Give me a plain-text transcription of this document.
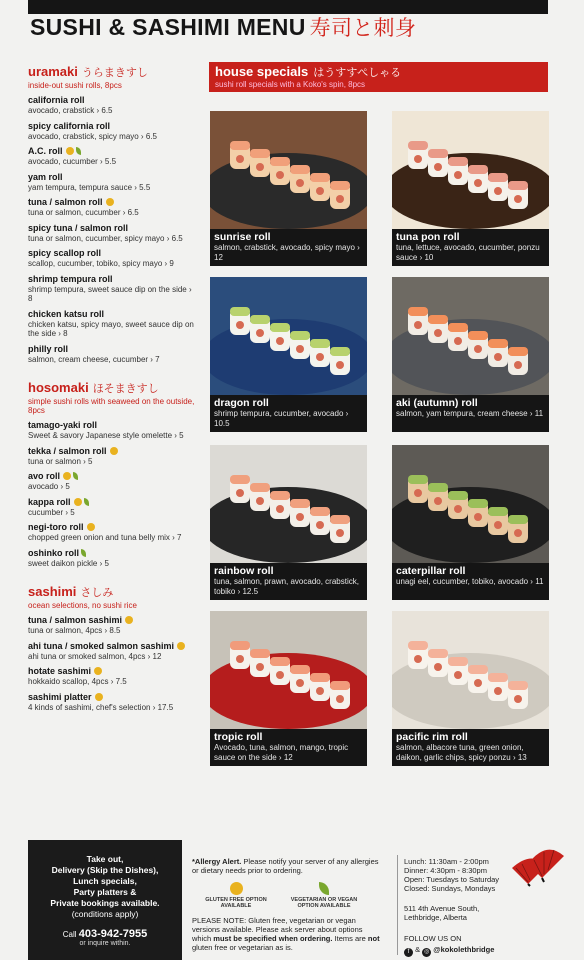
SUSHI & SASHIMI MENU 寿司と刺身
uramaki うらまきすし
inside-out sushi rolls, 8pcs
california roll
avocado, crabstick › 6.5
spicy california roll
avocado, crabstick, spicy mayo › 6.5
A.C. roll
avocado, cucumber › 5.5
yam roll
yam tempura, tempura sauce › 5.5
tuna / salmon roll
tuna or salmon, cucumber › 6.5
spicy tuna / salmon roll
tuna or salmon, cucumber, spicy mayo › 6.5
spicy scallop roll
scallop, cucumber, tobiko, spicy mayo › 9
shrimp tempura roll
shrimp tempura, sweet sauce dip on the side › 8
chicken katsu roll
chicken katsu, spicy mayo, sweet sauce dip on the side › 8
philly roll
salmon, cream cheese, cucumber › 7
hosomaki ほそまきすし
simple sushi rolls with seaweed on the outside, 8pcs
tamago-yaki roll
Sweet & savory Japanese style omelette › 5
tekka / salmon roll
tuna or salmon › 5
avo roll
avocado › 5
kappa roll
cucumber › 5
negi-toro roll
chopped green onion and tuna belly mix › 7
oshinko roll
sweet daikon pickle › 5
sashimi さしみ
ocean selections, no sushi rice
tuna / salmon sashimi
tuna or salmon, 4pcs › 8.5
ahi tuna / smoked salmon sashimi
ahi tuna or smoked salmon, 4pcs › 12
hotate sashimi
hokkaido scallop, 4pcs › 7.5
sashimi platter
4 kinds of sashimi, chef's selection › 17.5
house specials はうすすぺしゃる
sushi roll specials with a Koko's spin, 8pcs
sunrise roll
salmon, crabstick, avocado, spicy mayo › 12
tuna pon roll
tuna, lettuce, avocado, cucumber, ponzu sauce › 10
dragon roll
shrimp tempura, cucumber, avocado › 10.5
aki (autumn) roll
salmon, yam tempura, cream cheese › 11
rainbow roll
tuna, salmon, prawn, avocado, crabstick, tobiko › 12.5
caterpillar roll
unagi eel, cucumber, tobiko, avocado › 11
tropic roll
Avocado, tuna, salmon, mango, tropic sauce on the side › 12
pacific rim roll
salmon, albacore tuna, green onion, daikon, garlic chips, spicy ponzu › 13
Take out,
Delivery (Skip the Dishes),
Lunch specials,
Party platters &
Private bookings available.
(conditions apply)
Call 403-942-7955
or inquire within.
*Allergy Alert. Please notify your server of any allergies or dietary needs prior to ordering.
GLUTEN FREE OPTION AVAILABLE
VEGETARIAN OR VEGAN OPTION AVAILABLE
PLEASE NOTE: Gluten free, vegetarian or vegan versions available. Please ask server about options which must be specified when ordering. Items are not gluten free or vegetarian as is.
Lunch: 11:30am - 2:00pm
Dinner: 4:30pm - 8:30pm
Open: Tuesdays to Saturday
Closed: Sundays, Mondays
511 4th Avenue South,
Lethbridge, Alberta
FOLLOW US ON
f & ◎ @kokolethbridge
